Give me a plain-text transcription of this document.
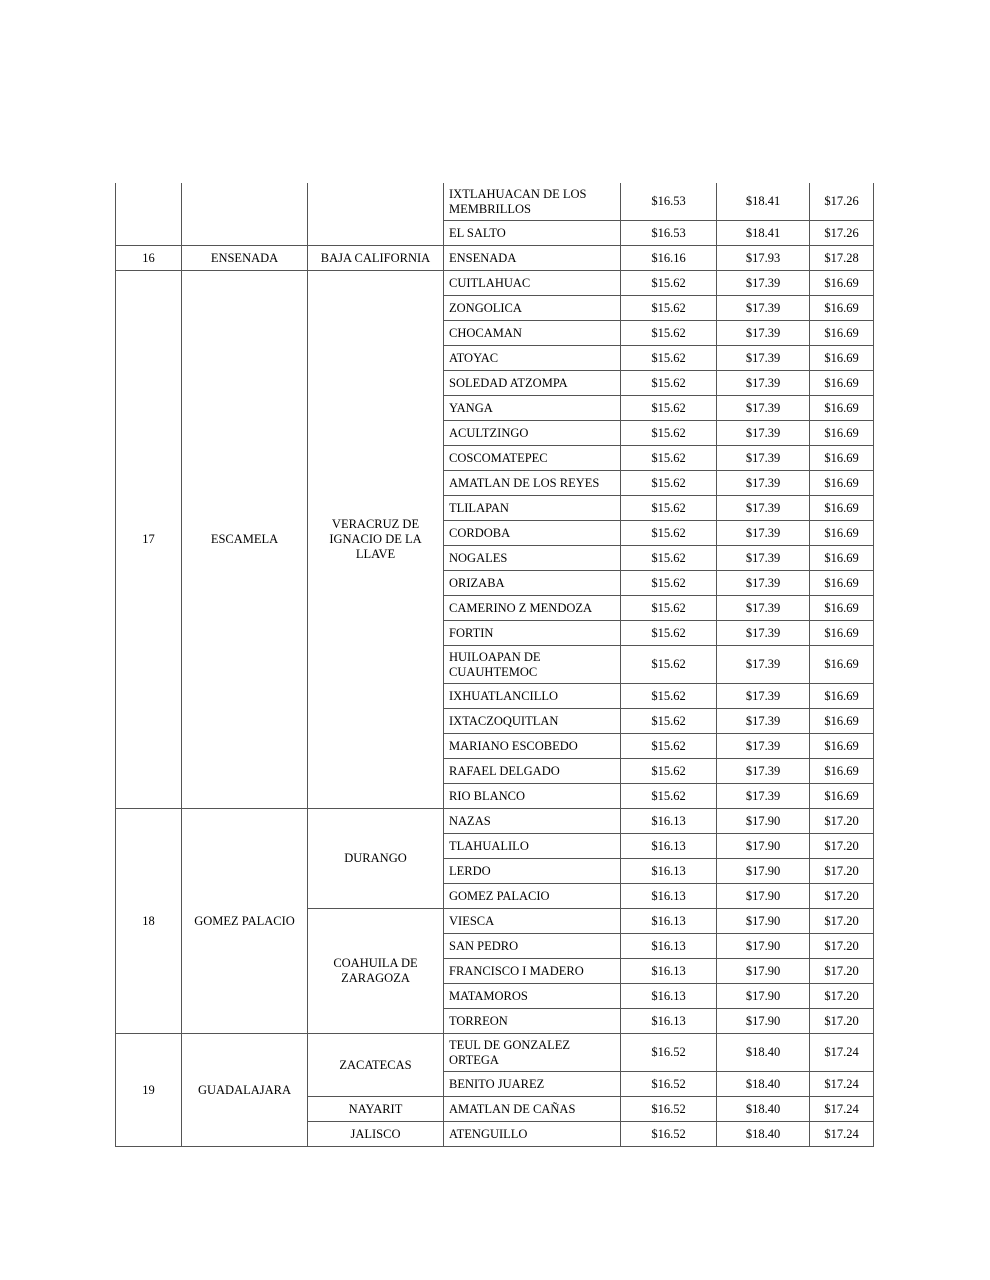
			IXTLAHUACAN DE LOS MEMBRILLOS	$16.53	$18.41	$17.26
			EL SALTO	$16.53	$18.41	$17.26
16	ENSENADA	BAJA CALIFORNIA	ENSENADA	$16.16	$17.93	$17.28
17	ESCAMELA	VERACRUZ DE IGNACIO DE LA LLAVE	CUITLAHUAC	$15.62	$17.39	$16.69
			ZONGOLICA	$15.62	$17.39	$16.69
			CHOCAMAN	$15.62	$17.39	$16.69
			ATOYAC	$15.62	$17.39	$16.69
			SOLEDAD ATZOMPA	$15.62	$17.39	$16.69
			YANGA	$15.62	$17.39	$16.69
			ACULTZINGO	$15.62	$17.39	$16.69
			COSCOMATEPEC	$15.62	$17.39	$16.69
			AMATLAN DE LOS REYES	$15.62	$17.39	$16.69
			TLILAPAN	$15.62	$17.39	$16.69
			CORDOBA	$15.62	$17.39	$16.69
			NOGALES	$15.62	$17.39	$16.69
			ORIZABA	$15.62	$17.39	$16.69
			CAMERINO Z MENDOZA	$15.62	$17.39	$16.69
			FORTIN	$15.62	$17.39	$16.69
			HUILOAPAN DE CUAUHTEMOC	$15.62	$17.39	$16.69
			IXHUATLANCILLO	$15.62	$17.39	$16.69
			IXTACZOQUITLAN	$15.62	$17.39	$16.69
			MARIANO ESCOBEDO	$15.62	$17.39	$16.69
			RAFAEL DELGADO	$15.62	$17.39	$16.69
			RIO BLANCO	$15.62	$17.39	$16.69
18	GOMEZ PALACIO	DURANGO	NAZAS	$16.13	$17.90	$17.20
			TLAHUALILO	$16.13	$17.90	$17.20
			LERDO	$16.13	$17.90	$17.20
			GOMEZ PALACIO	$16.13	$17.90	$17.20
		COAHUILA DE ZARAGOZA	VIESCA	$16.13	$17.90	$17.20
			SAN PEDRO	$16.13	$17.90	$17.20
			FRANCISCO I MADERO	$16.13	$17.90	$17.20
			MATAMOROS	$16.13	$17.90	$17.20
			TORREON	$16.13	$17.90	$17.20
19	GUADALAJARA	ZACATECAS	TEUL DE GONZALEZ ORTEGA	$16.52	$18.40	$17.24
			BENITO JUAREZ	$16.52	$18.40	$17.24
		NAYARIT	AMATLAN DE CAÑAS	$16.52	$18.40	$17.24
		JALISCO	ATENGUILLO	$16.52	$18.40	$17.24
